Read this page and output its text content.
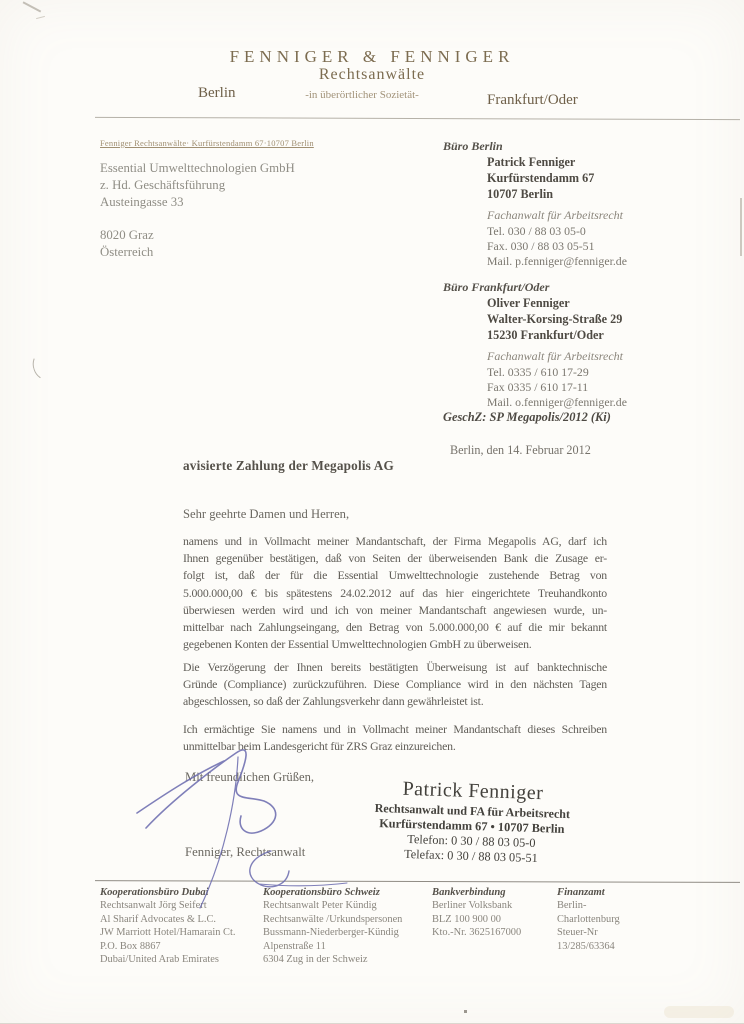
FENNIGER & FENNIGER
Rechtsanwälte
Berlin	-in überörtlicher Sozietät-	Frankfurt/Oder
Fenniger Rechtsanwälte· Kurfürstendamm 67·10707 Berlin
Essential Umwelttechnologien GmbH
z. Hd. Geschäftsführung
Austeingasse 33
8020 Graz
Österreich
Büro Berlin
Patrick Fenniger
Kurfürstendamm 67
10707 Berlin
Fachanwalt für Arbeitsrecht
Tel. 030 / 88 03 05-0
Fax. 030 / 88 03 05-51
Mail. p.fenniger@fenniger.de
Büro Frankfurt/Oder
Oliver Fenniger
Walter-Korsing-Straße 29
15230 Frankfurt/Oder
Fachanwalt für Arbeitsrecht
Tel. 0335 / 610 17-29
Fax 0335 / 610 17-11
Mail. o.fenniger@fenniger.de
GeschZ: SP Megapolis/2012 (Ki)
Berlin, den 14. Februar 2012
avisierte Zahlung der Megapolis AG
Sehr geehrte Damen und Herren,
namens und in Vollmacht meiner Mandantschaft, der Firma Megapolis AG, darf ich
Ihnen gegenüber bestätigen, daß von Seiten der überweisenden Bank die Zusage er-
folgt ist, daß der für die Essential Umwelttechnologie zustehende Betrag von
5.000.000,00 € bis spätestens 24.02.2012 auf das hier eingerichtete Treuhandkonto
überwiesen werden wird und ich von meiner Mandantschaft angewiesen wurde, un-
mittelbar nach Zahlungseingang, den Betrag von 5.000.000,00 € auf die mir bekannt
gegebenen Konten der Essential Umwelttechnologien GmbH zu überweisen.
Die Verzögerung der Ihnen bereits bestätigten Überweisung ist auf banktechnische
Gründe (Compliance) zurückzuführen. Diese Compliance wird in den nächsten Tagen
abgeschlossen, so daß der Zahlungsverkehr dann gewährleistet ist.
Ich ermächtige Sie namens und in Vollmacht meiner Mandantschaft dieses Schreiben
unmittelbar beim Landesgericht für ZRS Graz einzureichen.
Mit freundlichen Grüßen,
Patrick Fenniger
Rechtsanwalt und FA für Arbeitsrecht
Kurfürstendamm 67 • 10707 Berlin
Telefon: 0 30 / 88 03 05-0
Telefax: 0 30 / 88 03 05-51
Fenniger, Rechtsanwalt
Kooperationsbüro Dubai
Rechtsanwalt Jörg Seifert
Al Sharif Advocates & L.C.
JW Marriott Hotel/Hamarain Ct.
P.O. Box 8867
Dubai/United Arab Emirates
Kooperationsbüro Schweiz
Rechtsanwalt Peter Kündig
Rechtsanwälte /Urkundspersonen
Bussmann-Niederberger-Kündig
Alpenstraße 11
6304 Zug in der Schweiz
Bankverbindung
Berliner Volksbank
BLZ 100 900 00
Kto.-Nr. 3625167000
Finanzamt
Berlin-
Charlottenburg
Steuer-Nr
13/285/63364
